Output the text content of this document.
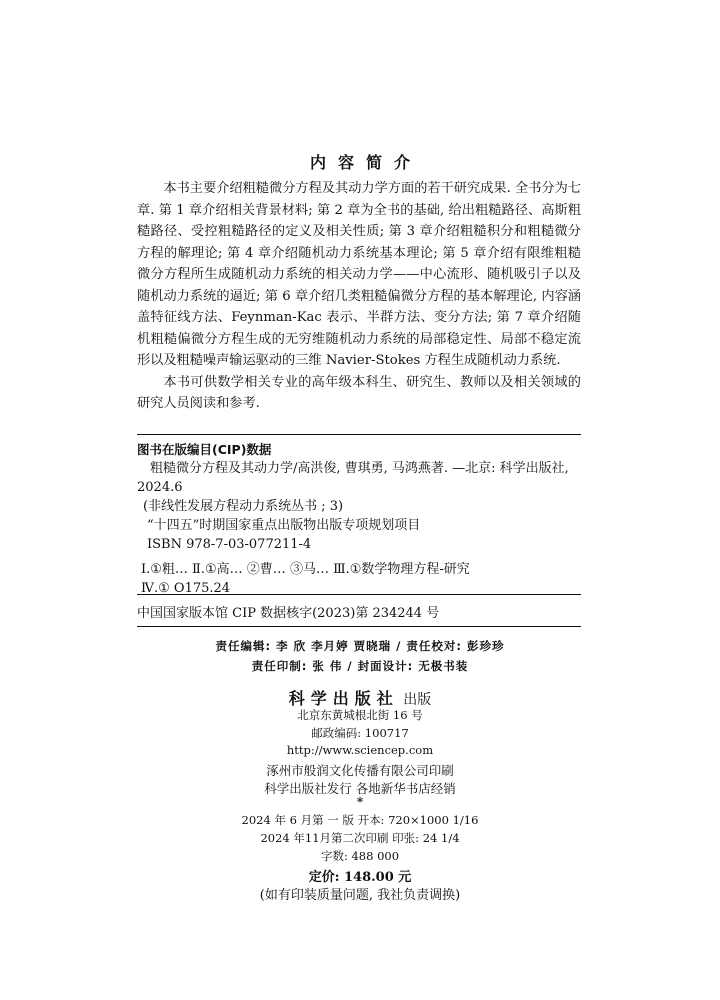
内容简介

本书主要介绍粗糙微分方程及其动力学方面的若干研究成果. 全书分为七章. 第 1 章介绍相关背景材料; 第 2 章为全书的基础, 给出粗糙路径、高斯粗糙路径、受控粗糙路径的定义及相关性质; 第 3 章介绍粗糙积分和粗糙微分方程的解理论; 第 4 章介绍随机动力系统基本理论; 第 5 章介绍有限维粗糙微分方程所生成随机动力系统的相关动力学——中心流形、随机吸引子以及随机动力系统的逼近; 第 6 章介绍几类粗糙偏微分方程的基本解理论, 内容涵盖特征线方法、Feynman-Kac 表示、半群方法、变分方法; 第 7 章介绍随机粗糙偏微分方程生成的无穷维随机动力系统的局部稳定性、局部不稳定流形以及粗糙噪声输运驱动的三维 Navier-Stokes 方程生成随机动力系统.

本书可供数学相关专业的高年级本科生、研究生、教师以及相关领域的研究人员阅读和参考.

图书在版编目(CIP)数据
粗糙微分方程及其动力学/高洪俊, 曹琪勇, 马鸿燕著. —北京: 科学出版社, 2024.6
(非线性发展方程动力系统丛书 ; 3)
“十四五”时期国家重点出版物出版专项规划项目
ISBN 978-7-03-077211-4
Ⅰ.①粗… Ⅱ.①高… ②曹… ③马… Ⅲ.①数学物理方程-研究
Ⅳ.① O175.24
中国国家版本馆 CIP 数据核字(2023)第 234244 号
责任编辑: 李 欣 李月婷 贾晓瑞 / 责任校对: 彭珍珍
责任印制: 张 伟 / 封面设计: 无极书装
科学出版社 出版
北京东黄城根北街 16 号
邮政编码: 100717
http://www.sciencep.com
涿州市般润文化传播有限公司印刷
科学出版社发行 各地新华书店经销
*
2024 年 6 月第 一 版 开本: 720×1000 1/16
2024 年11月第二次印刷 印张: 24 1/4
字数: 488 000
定价: 148.00 元
(如有印装质量问题, 我社负责调换)
